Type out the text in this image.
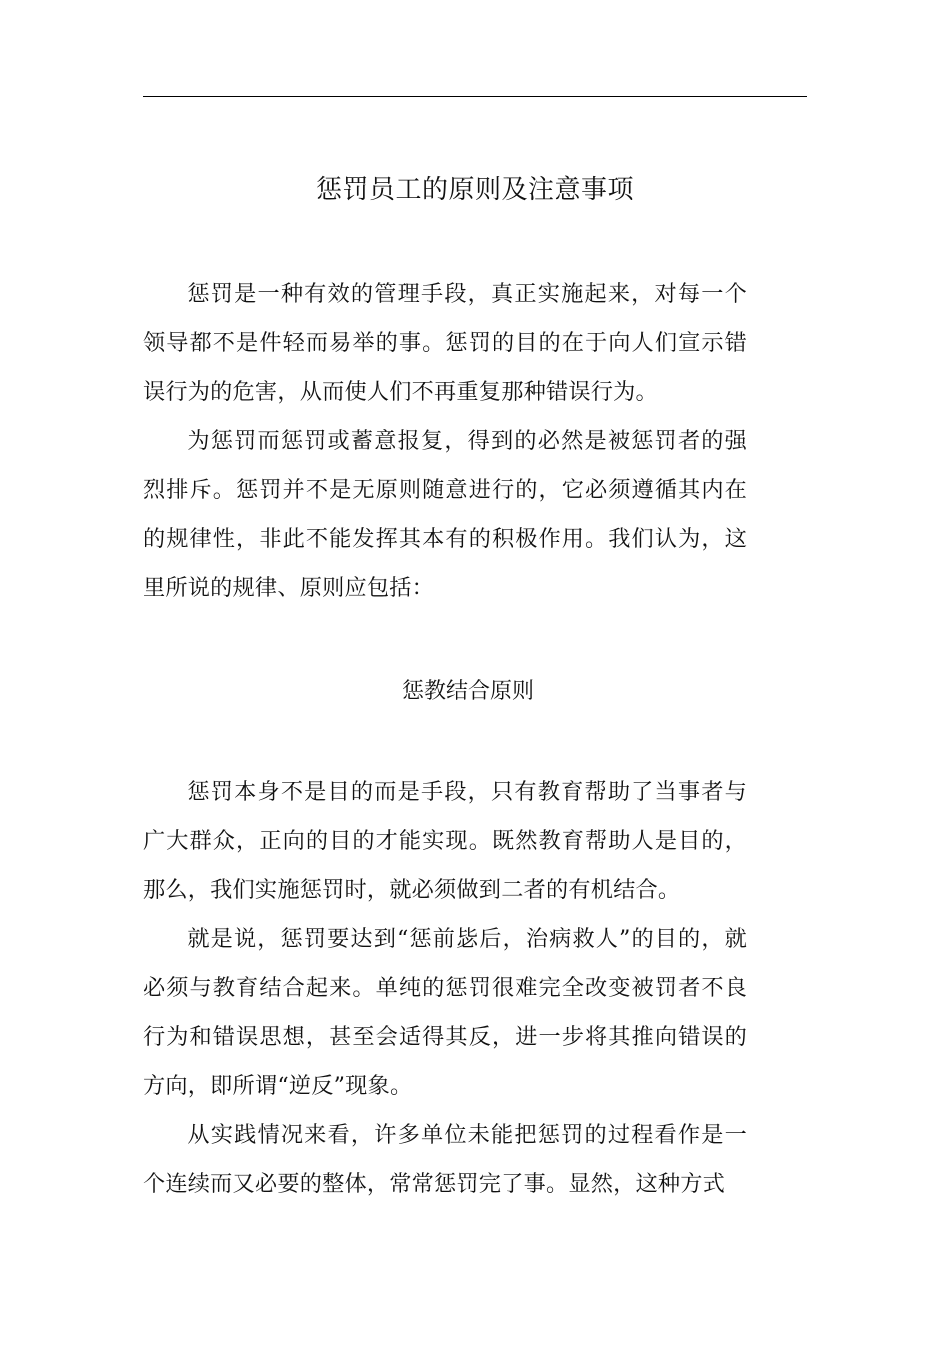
惩罚员工的原则及注意事项

惩罚是一种有效的管理手段，真正实施起来，对每一个领导都不是件轻而易举的事。惩罚的目的在于向人们宣示错误行为的危害，从而使人们不再重复那种错误行为。

为惩罚而惩罚或蓄意报复，得到的必然是被惩罚者的强烈排斥。惩罚并不是无原则随意进行的，它必须遵循其内在的规律性，非此不能发挥其本有的积极作用。我们认为，这里所说的规律、原则应包括：

惩教结合原则

惩罚本身不是目的而是手段，只有教育帮助了当事者与广大群众，正向的目的才能实现。既然教育帮助人是目的，那么，我们实施惩罚时，就必须做到二者的有机结合。

就是说，惩罚要达到“惩前毖后，治病救人”的目的，就必须与教育结合起来。单纯的惩罚很难完全改变被罚者不良行为和错误思想，甚至会适得其反，进一步将其推向错误的方向，即所谓“逆反”现象。

从实践情况来看，许多单位未能把惩罚的过程看作是一个连续而又必要的整体，常常惩罚完了事。显然，这种方式
